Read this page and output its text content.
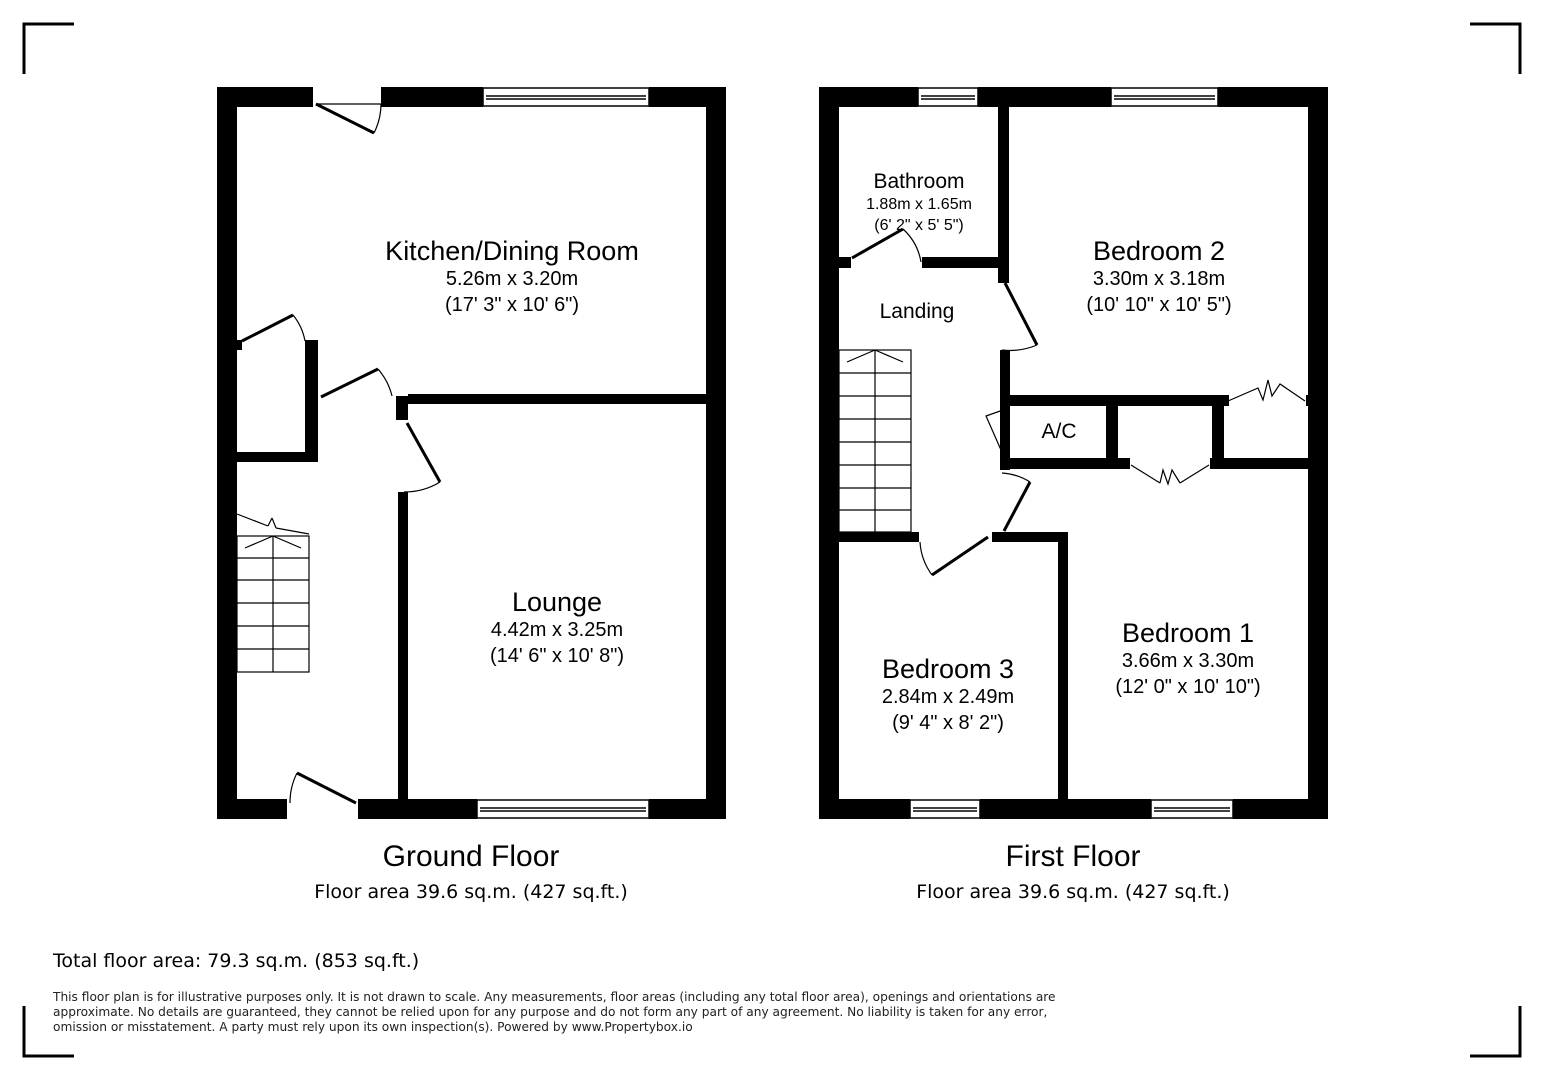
Kitchen/Dining Room
5.26m x 3.20m
(17' 3" x 10' 6")
Lounge
4.42m x 3.25m
(14' 6" x 10' 8")
Ground Floor
Floor area 39.6 sq.m. (427 sq.ft.)
Bathroom
1.88m x 1.65m
(6' 2" x 5' 5")
Landing
Bedroom 2
3.30m x 3.18m
(10' 10" x 10' 5")
A/C
Bedroom 1
3.66m x 3.30m
(12' 0" x 10' 10")
Bedroom 3
2.84m x 2.49m
(9' 4" x 8' 2")
First Floor
Floor area 39.6 sq.m. (427 sq.ft.)
Total floor area: 79.3 sq.m. (853 sq.ft.)
This floor plan is for illustrative purposes only. It is not drawn to scale. Any measurements, floor areas (including any total floor area), openings and orientations are approximate. No details are guaranteed, they cannot be relied upon for any purpose and do not form any part of any agreement. No liability is taken for any error, omission or misstatement. A party must rely upon its own inspection(s). Powered by www.Propertybox.io
